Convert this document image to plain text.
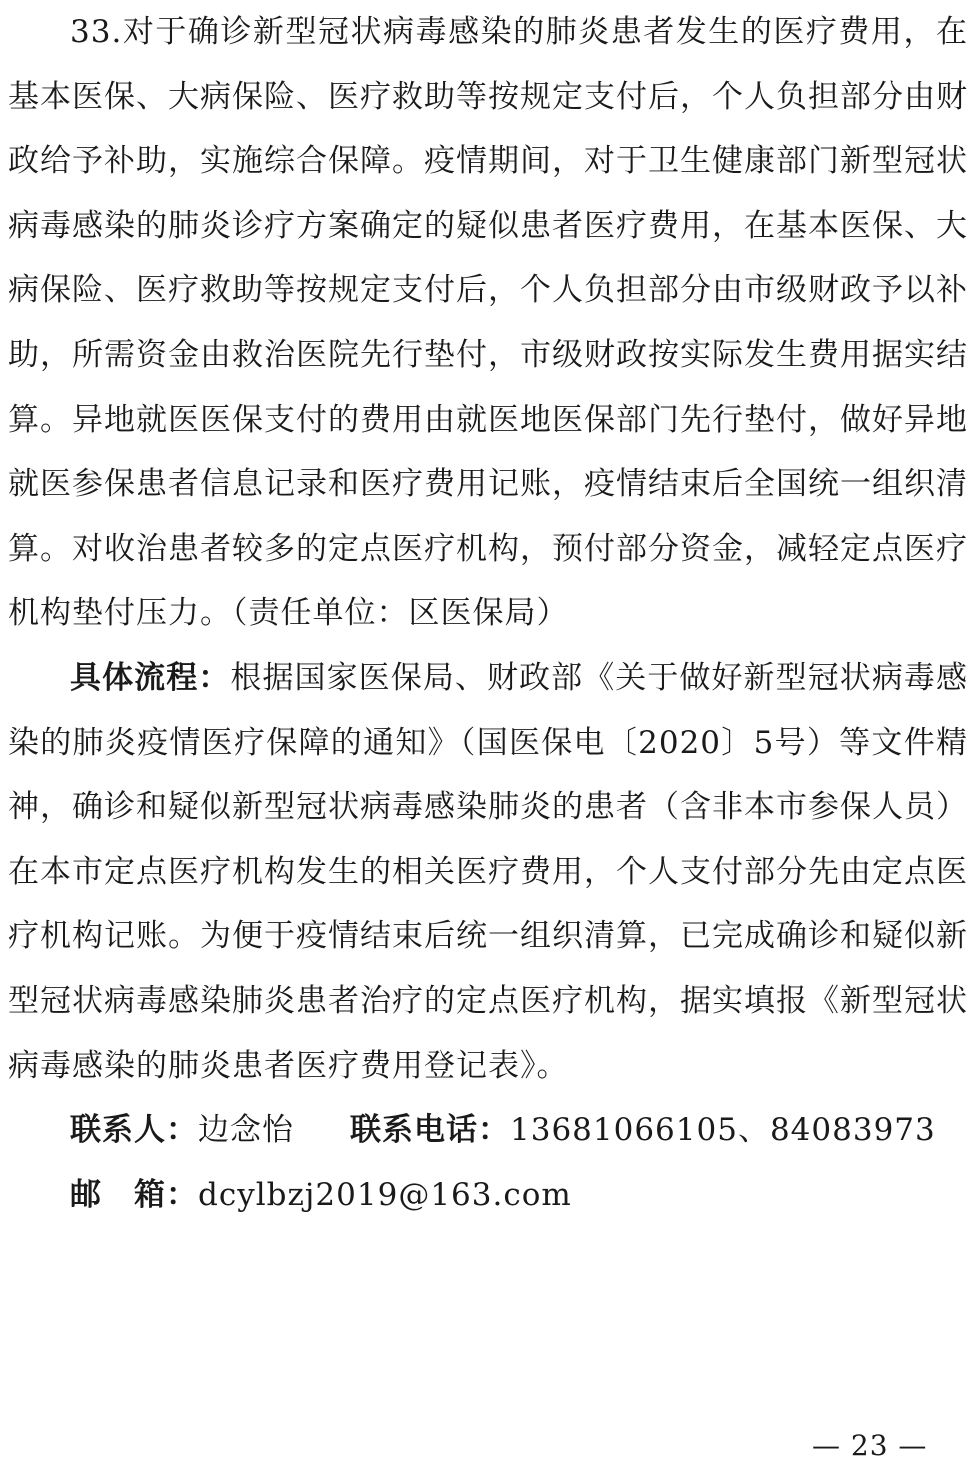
33.对于确诊新型冠状病毒感染的肺炎患者发生的医疗费用，在基本医保、大病保险、医疗救助等按规定支付后，个人负担部分由财政给予补助，实施综合保障。疫情期间，对于卫生健康部门新型冠状病毒感染的肺炎诊疗方案确定的疑似患者医疗费用，在基本医保、大病保险、医疗救助等按规定支付后，个人负担部分由市级财政予以补助，所需资金由救治医院先行垫付，市级财政按实际发生费用据实结算。异地就医医保支付的费用由就医地医保部门先行垫付，做好异地就医参保患者信息记录和医疗费用记账，疫情结束后全国统一组织清算。对收治患者较多的定点医疗机构，预付部分资金，减轻定点医疗机构垫付压力。（责任单位：区医保局）

具体流程：根据国家医保局、财政部《关于做好新型冠状病毒感染的肺炎疫情医疗保障的通知》（国医保电〔2020〕5号）等文件精神，确诊和疑似新型冠状病毒感染肺炎的患者（含非本市参保人员）在本市定点医疗机构发生的相关医疗费用，个人支付部分先由定点医疗机构记账。为便于疫情结束后统一组织清算，已完成确诊和疑似新型冠状病毒感染肺炎患者治疗的定点医疗机构，据实填报《新型冠状病毒感染的肺炎患者医疗费用登记表》。

联系人：边念怡 联系电话：13681066105、84083973

邮　箱：dcylbzj2019@163.com

— 23 —
